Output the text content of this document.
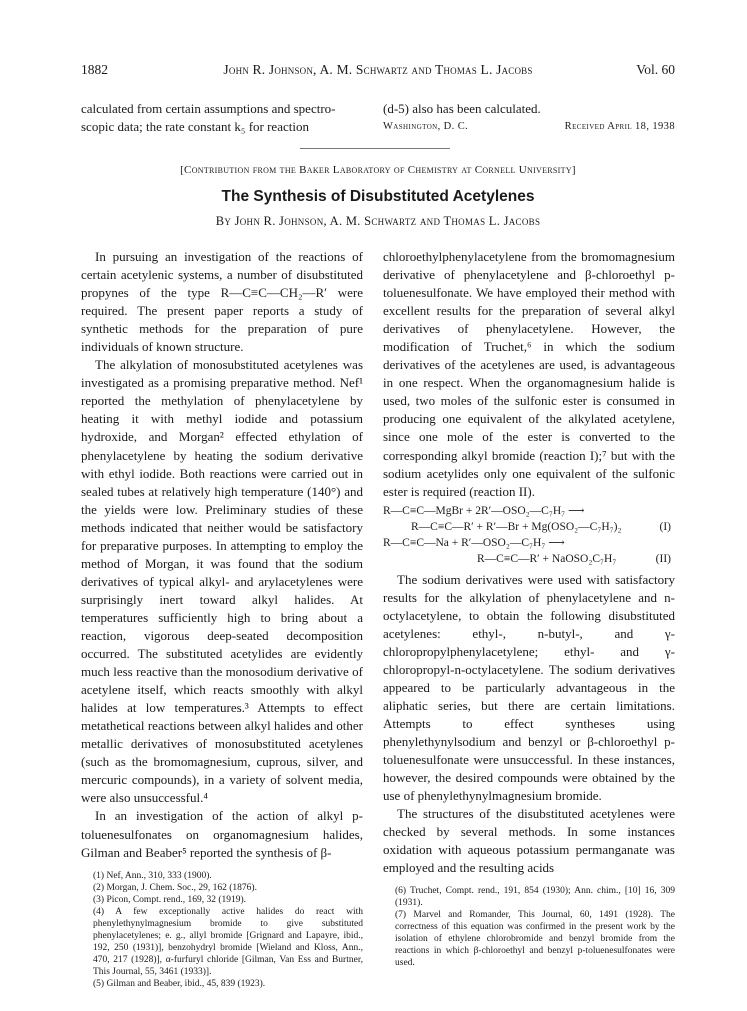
1882	John R. Johnson, A. M. Schwartz and Thomas L. Jacobs	Vol. 60
calculated from certain assumptions and spectro-
scopic data; the rate constant k₅ for reaction
(d-5) also has been calculated.
Washington, D. C.	Received April 18, 1938
[Contribution from the Baker Laboratory of Chemistry at Cornell University]
The Synthesis of Disubstituted Acetylenes
By John R. Johnson, A. M. Schwartz and Thomas L. Jacobs

In pursuing an investigation of the reactions of certain acetylenic systems, a number of disubstituted propynes of the type R—C≡C—CH₂—R′ were required. The present paper reports a study of synthetic methods for the preparation of pure individuals of known structure.

The alkylation of monosubstituted acetylenes was investigated as a promising preparative method. Nef¹ reported the methylation of phenylacetylene by heating it with methyl iodide and potassium hydroxide, and Morgan² effected ethylation of phenylacetylene by heating the sodium derivative with ethyl iodide. Both reactions were carried out in sealed tubes at relatively high temperature (140°) and the yields were low. Preliminary studies of these methods indicated that neither would be satisfactory for preparative purposes. In attempting to employ the method of Morgan, it was found that the sodium derivatives of typical alkyl- and arylacetylenes were surprisingly inert toward alkyl halides. At temperatures sufficiently high to bring about a reaction, vigorous deep-seated decomposition occurred. The substituted acetylides are evidently much less reactive than the monosodium derivative of acetylene itself, which reacts smoothly with alkyl halides at low temperatures.³ Attempts to effect metathetical reactions between alkyl halides and other metallic derivatives of monosubstituted acetylenes (such as the bromomagnesium, cuprous, silver, and mercuric compounds), in a variety of solvent media, were also unsuccessful.⁴

In an investigation of the action of alkyl p-toluenesulfonates on organomagnesium halides, Gilman and Beaber⁵ reported the synthesis of β-

(1) Nef, Ann., 310, 333 (1900).
(2) Morgan, J. Chem. Soc., 29, 162 (1876).
(3) Picon, Compt. rend., 169, 32 (1919).
(4) A few exceptionally active halides do react with phenylethynylmagnesium bromide to give substituted phenylacetylenes; e. g., allyl bromide [Grignard and Lapayre, ibid., 192, 250 (1931)], benzohydryl bromide [Wieland and Kloss, Ann., 470, 217 (1928)], α-furfuryl chloride [Gilman, Van Ess and Burtner, This Journal, 55, 3461 (1933)].
(5) Gilman and Beaber, ibid., 45, 839 (1923).

chloroethylphenylacetylene from the bromomagnesium derivative of phenylacetylene and β-chloroethyl p-toluenesulfonate. We have employed their method with excellent results for the preparation of several alkyl derivatives of phenylacetylene. However, the modification of Truchet,⁶ in which the sodium derivatives of the acetylenes are used, is advantageous in one respect. When the organomagnesium halide is used, two moles of the sulfonic ester is consumed in producing one equivalent of the alkylated acetylene, since one mole of the ester is converted to the corresponding alkyl bromide (reaction I);⁷ but with the sodium acetylides only one equivalent of the sulfonic ester is required (reaction II).

R—C≡C—MgBr + 2R′—OSO₂—C₇H₇ ⟶
R—C≡C—R′ + R′—Br + Mg(OSO₂—C₇H₇)₂	(I)
R—C≡C—Na + R′—OSO₂—C₇H₇ ⟶
R—C≡C—R′ + NaOSO₂C₇H₇	(II)

The sodium derivatives were used with satisfactory results for the alkylation of phenylacetylene and n-octylacetylene, to obtain the following disubstituted acetylenes: ethyl-, n-butyl-, and γ-chloropropylphenylacetylene; ethyl- and γ-chloropropyl-n-octylacetylene. The sodium derivatives appeared to be particularly advantageous in the aliphatic series, but there are certain limitations. Attempts to effect syntheses using phenylethynylsodium and benzyl or β-chloroethyl p-toluenesulfonate were unsuccessful. In these instances, however, the desired compounds were obtained by the use of phenylethynylmagnesium bromide.

The structures of the disubstituted acetylenes were checked by several methods. In some instances oxidation with aqueous potassium permanganate was employed and the resulting acids

(6) Truchet, Compt. rend., 191, 854 (1930); Ann. chim., [10] 16, 309 (1931).
(7) Marvel and Romander, This Journal, 60, 1491 (1928). The correctness of this equation was confirmed in the present work by the isolation of ethylene chlorobromide and benzyl bromide from the reactions in which β-chloroethyl and benzyl p-toluenesulfonates were used.
